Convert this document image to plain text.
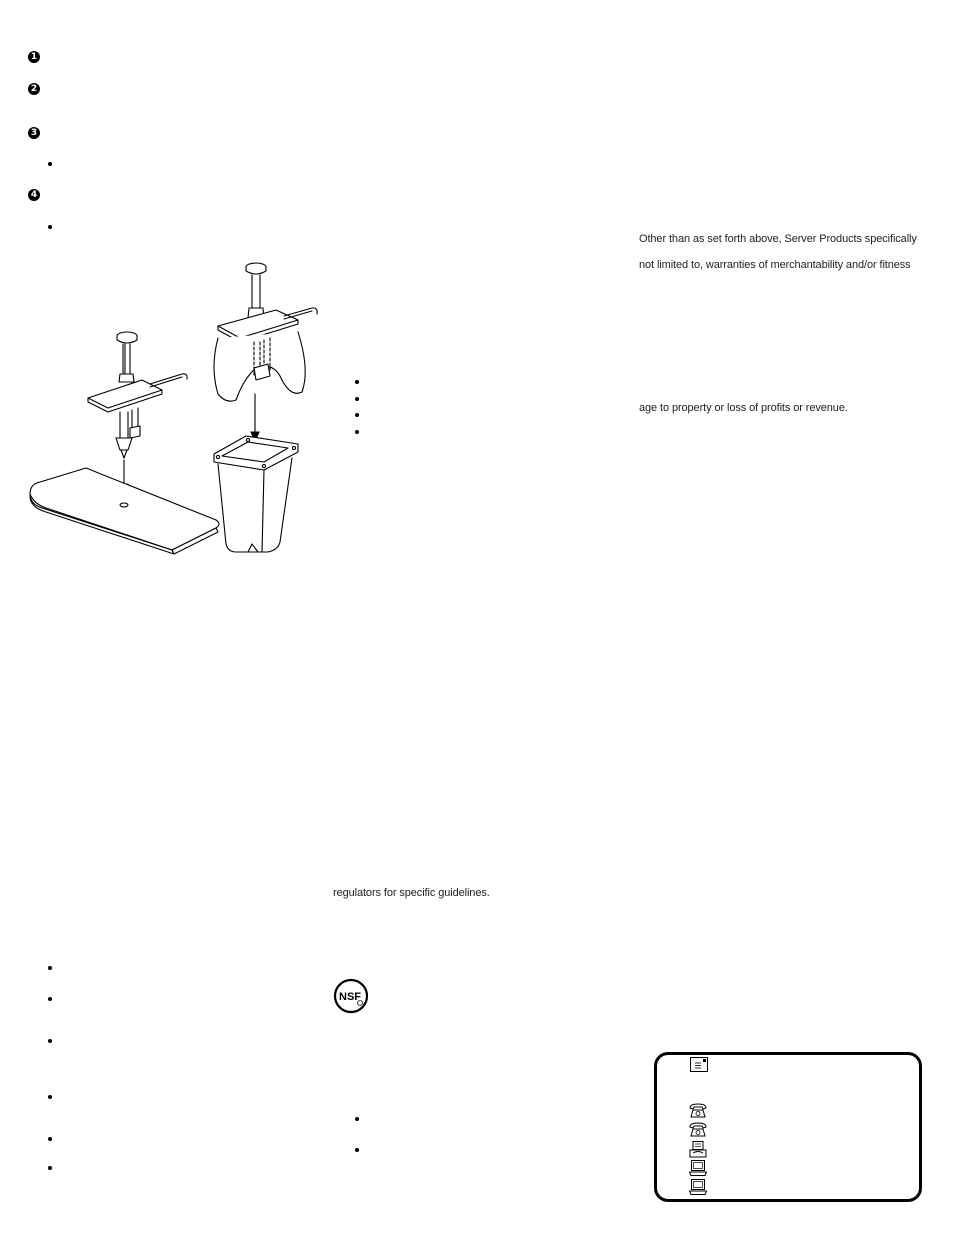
1
2
3
4
Other than as set forth above, Server Products specifically
not limited to, warranties of merchantability and/or fitness
age to property or loss of profits or revenue.
regulators for specific guidelines.
NSF
